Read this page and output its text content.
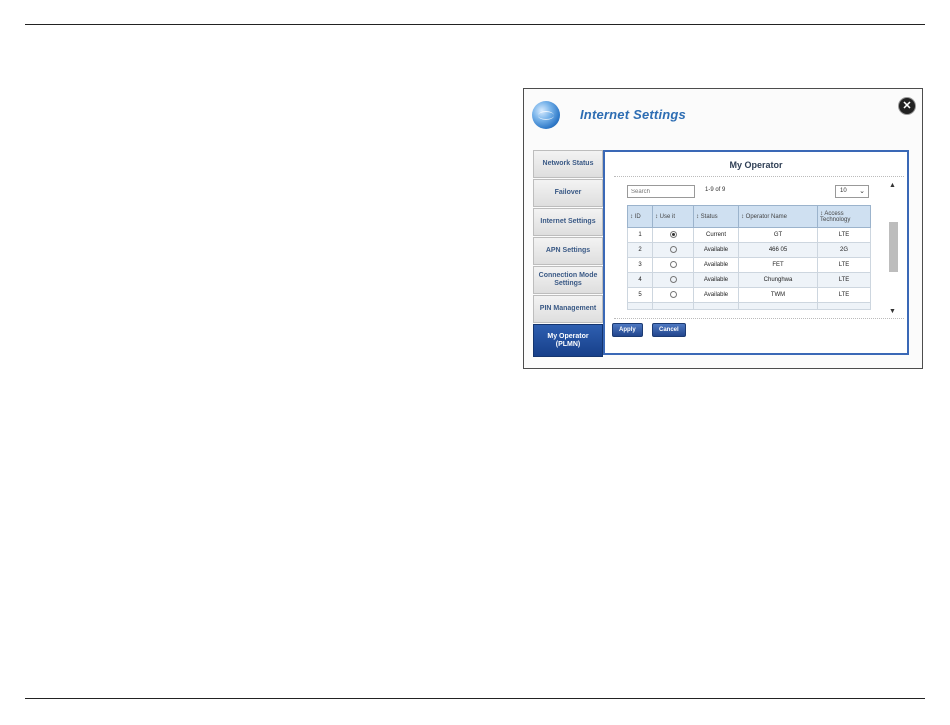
Internet Settings
✕
Network Status
Failover
Internet Settings
APN Settings
Connection Mode Settings
PIN Management
My Operator (PLMN)
My Operator
Search
1-9 of 9	10 ⌄
↕ ID	↕ Use it	↕ Status	↕ Operator Name	↕ Access Technology
1		Current	GT	LTE
2		Available	466 05	2G
3		Available	FET	LTE
4		Available	Chunghwa	LTE
5		Available	TWM	LTE

▲
▼
Apply	Cancel
